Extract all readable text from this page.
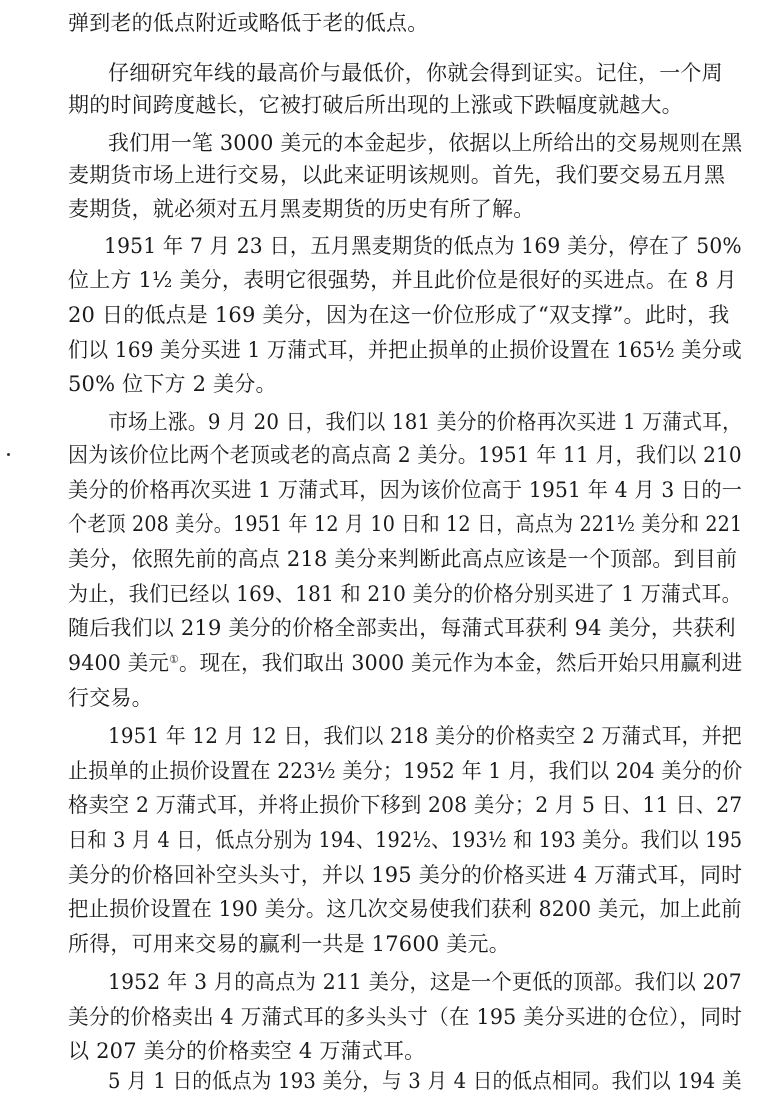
弹到老的低点附近或略低于老的低点。
仔细研究年线的最高价与最低价，你就会得到证实。记住，一个周
期的时间跨度越长，它被打破后所出现的上涨或下跌幅度就越大。
我们用一笔 3000 美元的本金起步，依据以上所给出的交易规则在黑
麦期货市场上进行交易，以此来证明该规则。首先，我们要交易五月黑
麦期货，就必须对五月黑麦期货的历史有所了解。
1951 年 7 月 23 日，五月黑麦期货的低点为 169 美分，停在了 50%
位上方 1½ 美分，表明它很强势，并且此价位是很好的买进点。在 8 月
20 日的低点是 169 美分，因为在这一价位形成了“双支撑”。此时，我
们以 169 美分买进 1 万蒲式耳，并把止损单的止损价设置在 165½ 美分或
50% 位下方 2 美分。
市场上涨。9 月 20 日，我们以 181 美分的价格再次买进 1 万蒲式耳，
因为该价位比两个老顶或老的高点高 2 美分。1951 年 11 月，我们以 210
美分的价格再次买进 1 万蒲式耳，因为该价位高于 1951 年 4 月 3 日的一
个老顶 208 美分。1951 年 12 月 10 日和 12 日，高点为 221½ 美分和 221
美分，依照先前的高点 218 美分来判断此高点应该是一个顶部。到目前
为止，我们已经以 169、181 和 210 美分的价格分别买进了 1 万蒲式耳。
随后我们以 219 美分的价格全部卖出，每蒲式耳获利 94 美分，共获利
9400 美元①。现在，我们取出 3000 美元作为本金，然后开始只用赢利进
行交易。
1951 年 12 月 12 日，我们以 218 美分的价格卖空 2 万蒲式耳，并把
止损单的止损价设置在 223½ 美分；1952 年 1 月，我们以 204 美分的价
格卖空 2 万蒲式耳，并将止损价下移到 208 美分；2 月 5 日、11 日、27
日和 3 月 4 日，低点分别为 194、192½、193½ 和 193 美分。我们以 195
美分的价格回补空头头寸，并以 195 美分的价格买进 4 万蒲式耳，同时
把止损价设置在 190 美分。这几次交易使我们获利 8200 美元，加上此前
所得，可用来交易的赢利一共是 17600 美元。
1952 年 3 月的高点为 211 美分，这是一个更低的顶部。我们以 207
美分的价格卖出 4 万蒲式耳的多头头寸（在 195 美分买进的仓位），同时
以 207 美分的价格卖空 4 万蒲式耳。
5 月 1 日的低点为 193 美分，与 3 月 4 日的低点相同。我们以 194 美
